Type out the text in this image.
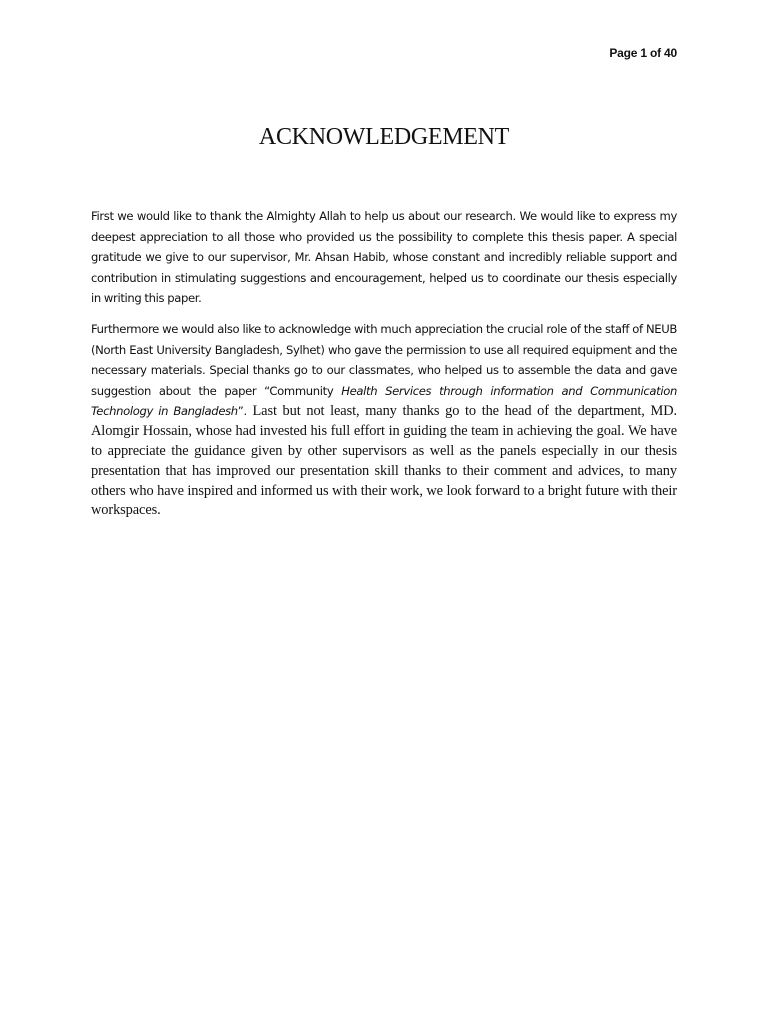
Page 1 of 40
ACKNOWLEDGEMENT

First we would like to thank the Almighty Allah to help us about our research. We would like to express my deepest appreciation to all those who provided us the possibility to complete this thesis paper. A special gratitude we give to our supervisor, Mr. Ahsan Habib, whose constant and incredibly reliable support and contribution in stimulating suggestions and encouragement, helped us to coordinate our thesis especially in writing this paper.

Furthermore we would also like to acknowledge with much appreciation the crucial role of the staff of NEUB (North East University Bangladesh, Sylhet) who gave the permission to use all required equipment and the necessary materials. Special thanks go to our classmates, who helped us to assemble the data and gave suggestion about the paper “Community Health Services through information and Communication Technology in Bangladesh”. Last but not least, many thanks go to the head of the department, MD. Alomgir Hossain, whose had invested his full effort in guiding the team in achieving the goal. We have to appreciate the guidance given by other supervisors as well as the panels especially in our thesis presentation that has improved our presentation skill thanks to their comment and advices, to many others who have inspired and informed us with their work, we look forward to a bright future with their workspaces.
